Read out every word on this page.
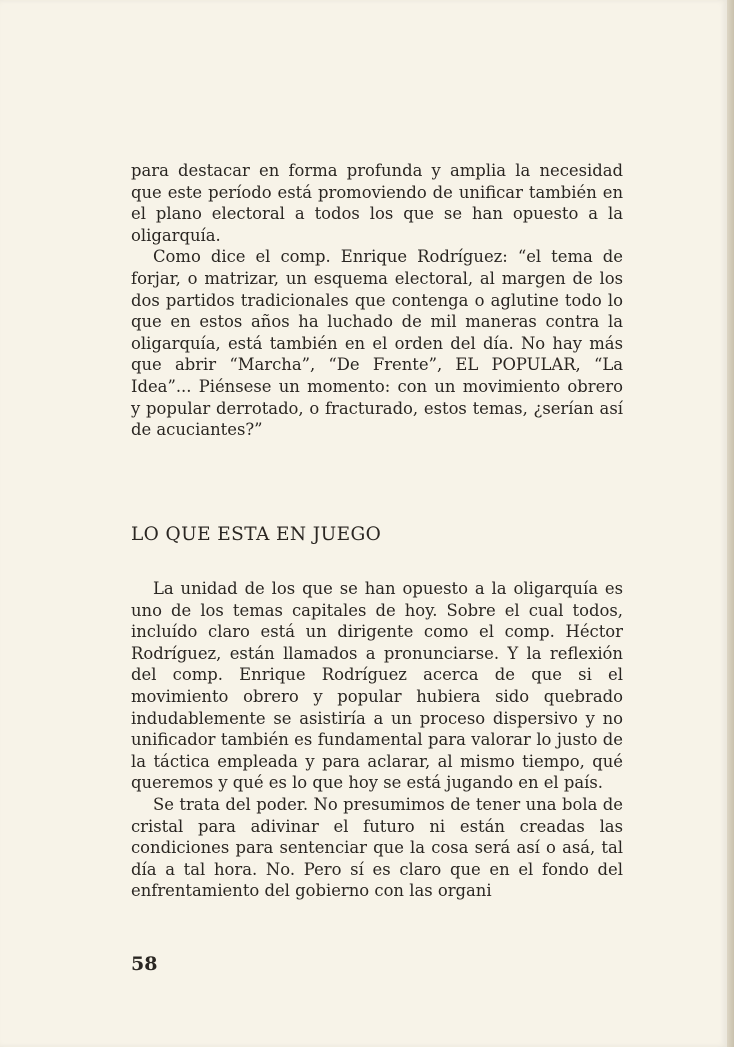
para destacar en forma profunda y amplia la necesidad que este período está promoviendo de unificar también en el plano electoral a todos los que se han opuesto a la oligarquía.

Como dice el comp. Enrique Rodríguez: “el tema de forjar, o matrizar, un esquema electoral, al margen de los dos partidos tradicionales que contenga o aglutine todo lo que en estos años ha luchado de mil maneras contra la oligarquía, está también en el orden del día. No hay más que abrir “Marcha”, “De Frente”, EL POPULAR, “La Idea”... Piénsese un momento: con un movimiento obrero y popular derrotado, o fracturado, estos temas, ¿serían así de acuciantes?”

LO QUE ESTA EN JUEGO

La unidad de los que se han opuesto a la oligarquía es uno de los temas capitales de hoy. Sobre el cual todos, incluído claro está un dirigente como el comp. Héctor Rodríguez, están llamados a pronunciarse. Y la reflexión del comp. Enrique Rodríguez acerca de que si el movimiento obrero y popular hubiera sido quebrado indudablemente se asistiría a un proceso dispersivo y no unificador también es fundamental para valorar lo justo de la táctica empleada y para aclarar, al mismo tiempo, qué queremos y qué es lo que hoy se está jugando en el país.

Se trata del poder. No presumimos de tener una bola de cristal para adivinar el futuro ni están creadas las condiciones para sentenciar que la cosa será así o asá, tal día a tal hora. No. Pero sí es claro que en el fondo del enfrentamiento del gobierno con las organi

58
